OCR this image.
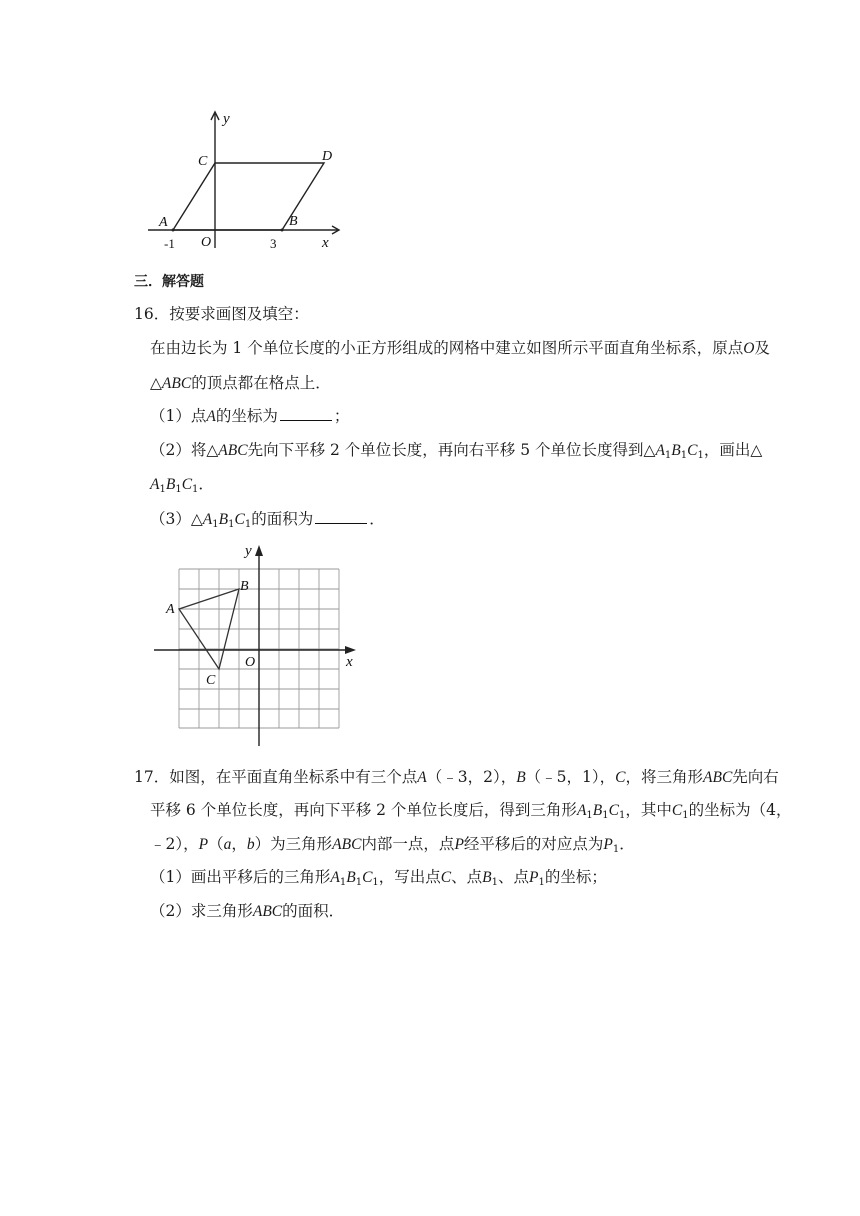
y
x
C	D
A	B
O
-1	3
三．解答题
16．按要求画图及填空：
在由边长为 1 个单位长度的小正方形组成的网格中建立如图所示平面直角坐标系，原点O及
△ABC的顶点都在格点上．
（1）点A的坐标为	；
（2）将△ABC先向下平移 2 个单位长度，再向右平移 5 个单位长度得到$\triangle A_1B_1C_1$，画出△
$A_1B_1C_1$．
$(3)\triangle A_1B_1C_1$的面积为	．
y
x
A
B
C
O
17．如图，在平面直角坐标系中有三个点A（﹣3，2），B（﹣5，1），C，将三角形ABC先向右
平移 6 个单位长度，再向下平移 2 个单位长度后，得到三角形$A_1B_1C_1$，其中$C_1$的坐标为（4，
﹣2），P（a，b）为三角形ABC内部一点，点P经平移后的对应点为$P_1$．
（1）画出平移后的三角形$A_1B_1C_1$，写出点C、点$B_1$、点$P_1$的坐标；
（2）求三角形ABC的面积．
